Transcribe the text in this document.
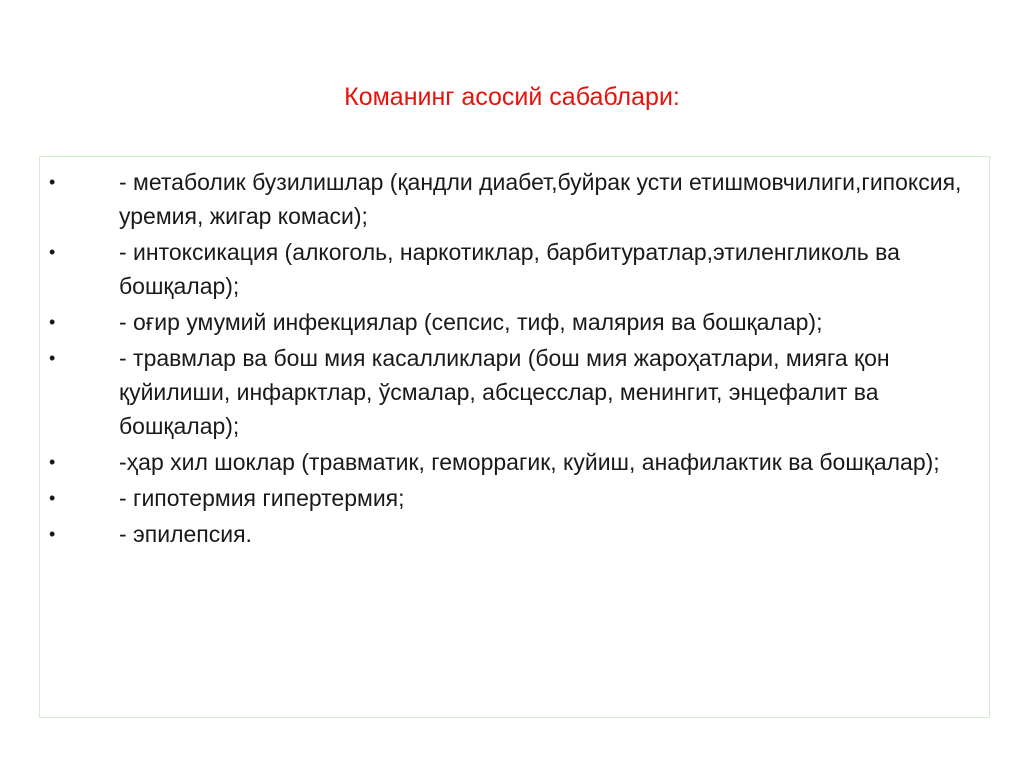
Команинг асосий сабаблари:
•	- метаболик бузилишлар (қандли диабет,буйрак усти етишмовчилиги,гипоксия, уремия, жигар комаси);
•	- интоксикация (алкоголь, наркотиклар, барбитуратлар,этиленгликоль ва бошқалар);
•	- оғир умумий инфекциялар (сепсис, тиф, малярия ва бошқалар);
•	- травмлар ва бош мия касалликлари (бош мия жароҳатлари, мияга қон қуйилиши, инфарктлар, ўсмалар, абсцесслар, менингит, энцефалит ва бошқалар);
•	-ҳар хил шоклар (травматик, геморрагик, куйиш, анафилактик ва бошқалар);
•	- гипотермия гипертермия;
•	- эпилепсия.
